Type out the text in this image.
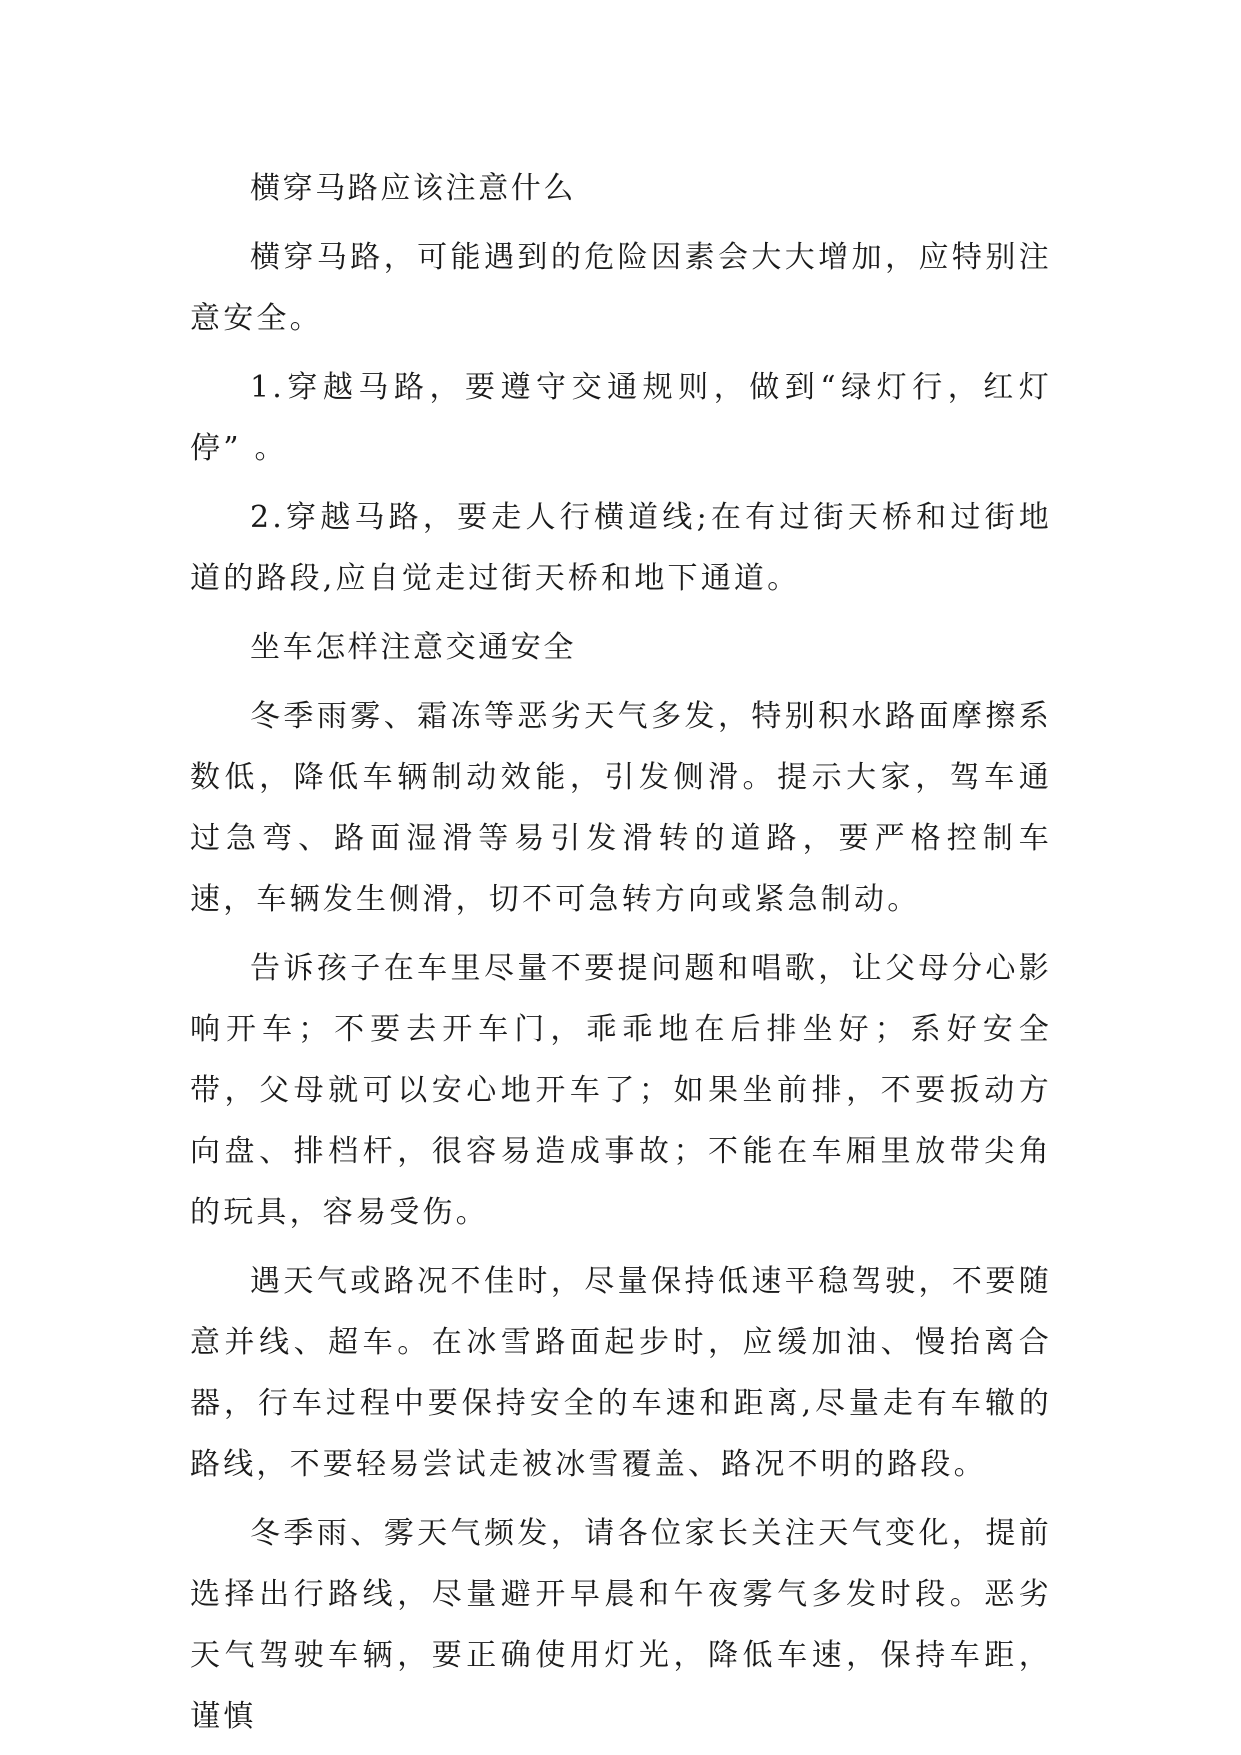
横穿马路应该注意什么

横穿马路，可能遇到的危险因素会大大增加，应特别注意安全。

1.穿越马路，要遵守交通规则，做到“绿灯行，红灯停” 。

2.穿越马路，要走人行横道线;在有过街天桥和过街地道的路段,应自觉走过街天桥和地下通道。

坐车怎样注意交通安全

冬季雨雾、霜冻等恶劣天气多发，特别积水路面摩擦系数低，降低车辆制动效能，引发侧滑。提示大家，驾车通过急弯、路面湿滑等易引发滑转的道路，要严格控制车速，车辆发生侧滑，切不可急转方向或紧急制动。

告诉孩子在车里尽量不要提问题和唱歌，让父母分心影响开车；不要去开车门，乖乖地在后排坐好；系好安全带，父母就可以安心地开车了；如果坐前排，不要扳动方向盘、排档杆，很容易造成事故；不能在车厢里放带尖角的玩具，容易受伤。

遇天气或路况不佳时，尽量保持低速平稳驾驶，不要随意并线、超车。在冰雪路面起步时，应缓加油、慢抬离合器，行车过程中要保持安全的车速和距离,尽量走有车辙的路线，不要轻易尝试走被冰雪覆盖、路况不明的路段。

冬季雨、雾天气频发，请各位家长关注天气变化，提前选择出行路线，尽量避开早晨和午夜雾气多发时段。恶劣天气驾驶车辆，要正确使用灯光，降低车速，保持车距，谨慎
